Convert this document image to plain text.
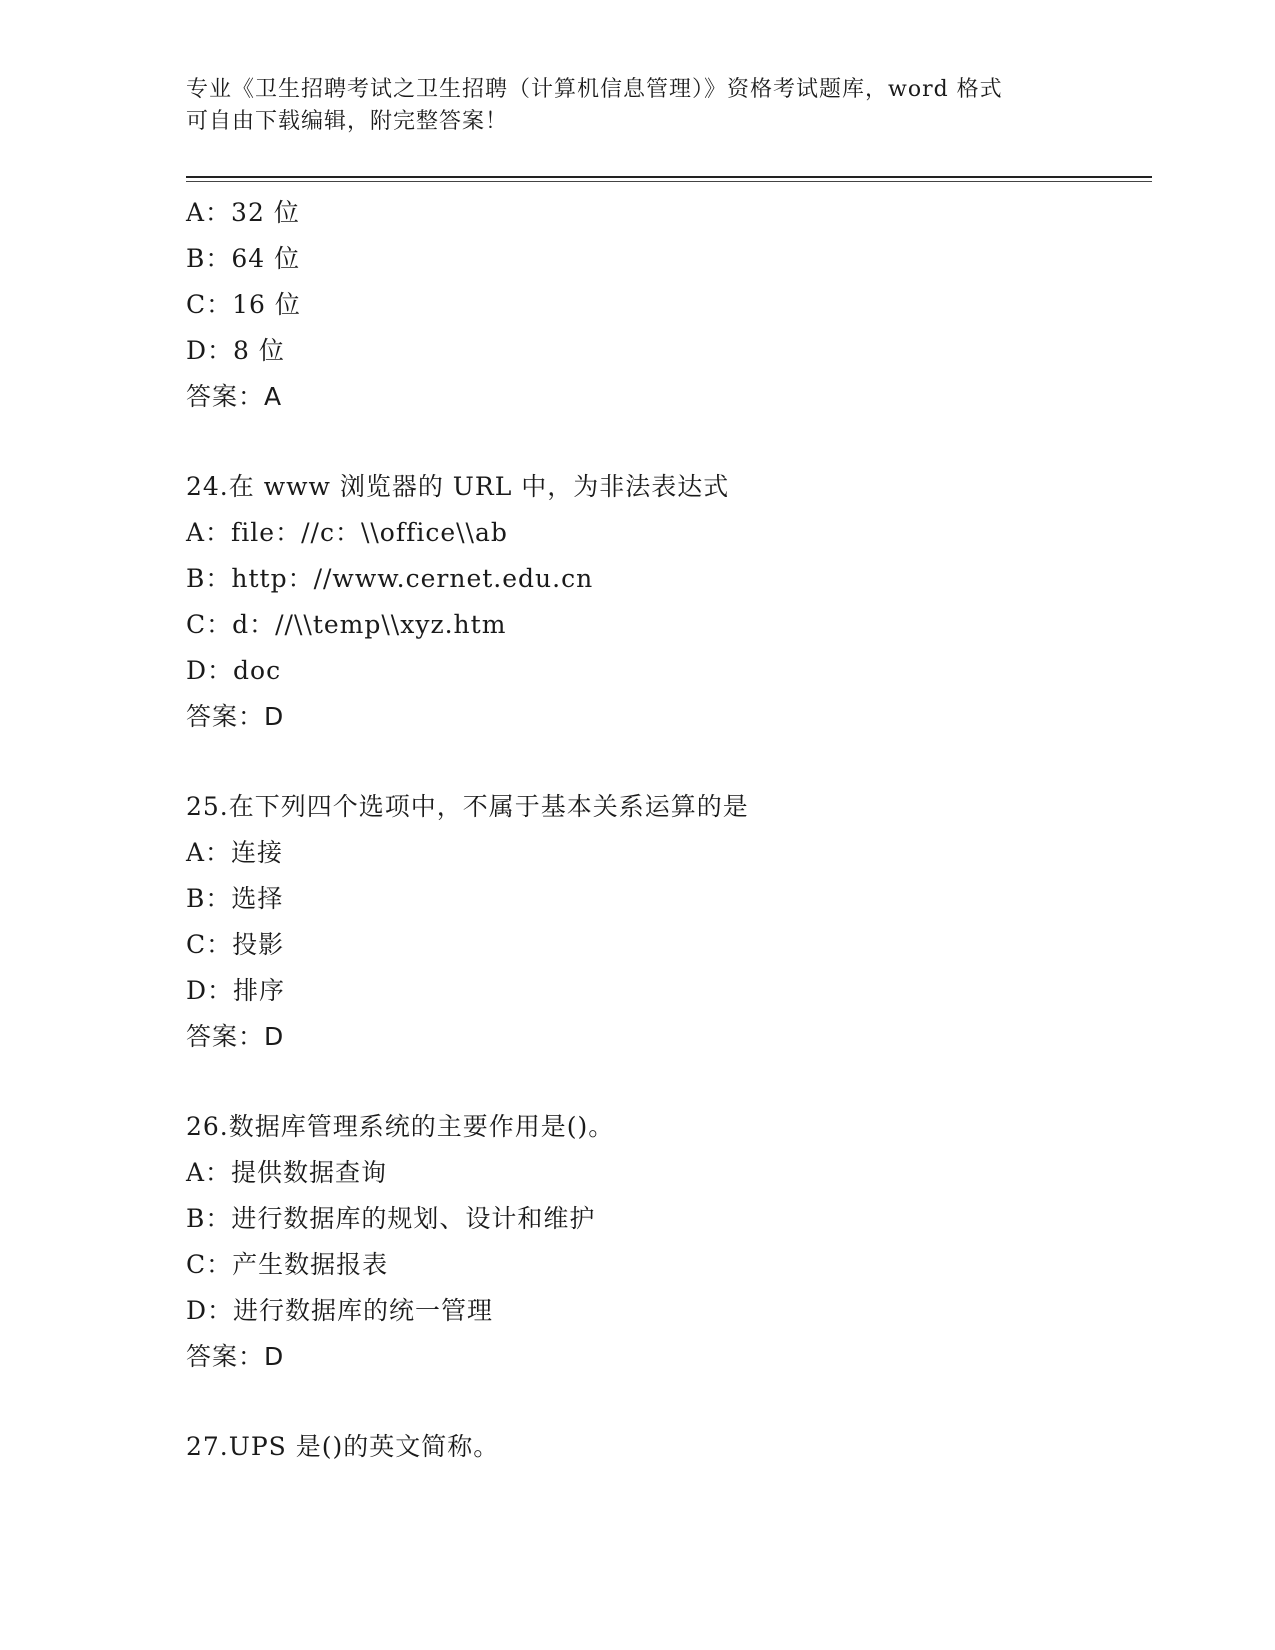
专业《卫生招聘考试之卫生招聘（计算机信息管理）》资格考试题库，word 格式
可自由下载编辑，附完整答案！
A：32 位
B：64 位
C：16 位
D：8 位
答案：A
24.在 www 浏览器的 URL 中，为非法表达式
A：file：//c：\\office\\ab
B：http：//www.cernet.edu.cn
C：d：//\\temp\\xyz.htm
D：doc
答案：D
25.在下列四个选项中，不属于基本关系运算的是
A：连接
B：选择
C：投影
D：排序
答案：D
26.数据库管理系统的主要作用是()。
A：提供数据查询
B：进行数据库的规划、设计和维护
C：产生数据报表
D：进行数据库的统一管理
答案：D
27.UPS 是()的英文简称。
